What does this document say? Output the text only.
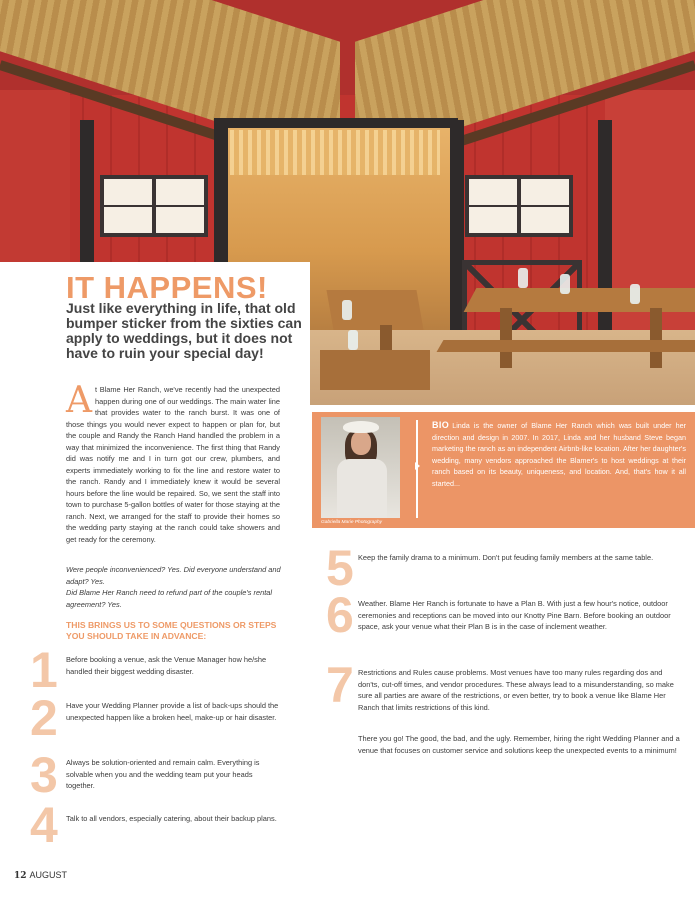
IT HAPPENS!
Just like everything in life, that old bumper sticker from the sixties can apply to weddings, but it does not have to ruin your special day!
A t Blame Her Ranch, we've recently had the unexpected happen during one of our weddings. The main water line that provides water to the ranch burst. It was one of those things you would never expect to happen or plan for, but the couple and Randy the Ranch Hand handled the problem in a way that minimized the inconvenience. The first thing that Randy did was notify me and I in turn got our crew, plumbers, and experts immediately working to fix the line and restore water to the ranch. Randy and I immediately knew it would be several hours before the line would be repaired. So, we sent the staff into town to purchase 5-gallon bottles of water for those staying at the ranch. Next, we arranged for the staff to provide their homes so the wedding party staying at the ranch could take showers and get ready for the ceremony.
Were people inconvenienced? Yes. Did everyone understand and adapt? Yes.
Did Blame Her Ranch need to refund part of the couple's rental agreement? Yes.
THIS BRINGS US TO SOME QUESTIONS OR STEPS YOU SHOULD TAKE IN ADVANCE:
1 Before booking a venue, ask the Venue Manager how he/she handled their biggest wedding disaster.
2 Have your Wedding Planner provide a list of back-ups should the unexpected happen like a broken heel, make-up or hair disaster.
3 Always be solution-oriented and remain calm. Everything is solvable when you and the wedding team put your heads together.
4 Talk to all vendors, especially catering, about their backup plans.
Gabriella Marie Photography
BIO Linda is the owner of Blame Her Ranch which was built under her direction and design in 2007. In 2017, Linda and her husband Steve began marketing the ranch as an independent Airbnb-like location. After her daughter's wedding, many vendors approached the Blamer's to host weddings at their ranch based on its beauty, uniqueness, and location. And, that's how it all started...
5 Keep the family drama to a minimum. Don't put feuding family members at the same table.
6 Weather. Blame Her Ranch is fortunate to have a Plan B. With just a few hour's notice, outdoor ceremonies and receptions can be moved into our Knotty Pine Barn. Before booking an outdoor space, ask your venue what their Plan B is in the case of inclement weather.
7 Restrictions and Rules cause problems. Most venues have too many rules regarding dos and don'ts, cut-off times, and vendor procedures. These always lead to a misunderstanding, so make sure all parties are aware of the restrictions, or even better, try to book a venue like Blame Her Ranch that limits restrictions of this kind.
There you go! The good, the bad, and the ugly. Remember, hiring the right Wedding Planner and a venue that focuses on customer service and solutions keep the unexpected events to a minimum!
12 AUGUST
